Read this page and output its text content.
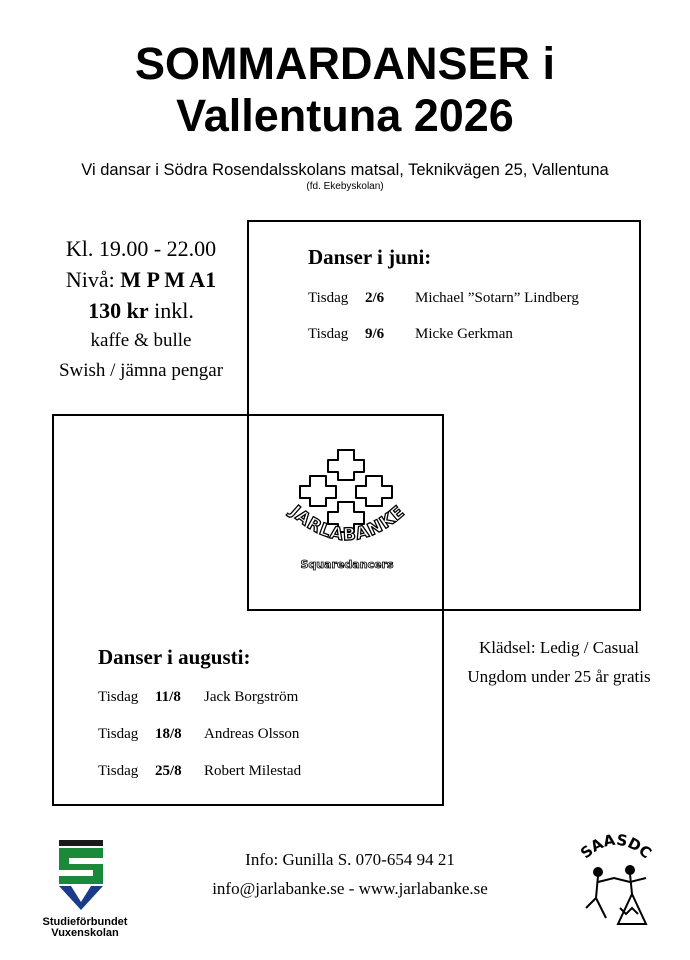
SOMMARDANSER i
Vallentuna 2026
Vi dansar i Södra Rosendalsskolans matsal, Teknikvägen 25, Vallentuna
(fd. Ekebyskolan)
Kl. 19.00 - 22.00
Nivå: M P M A1
130 kr inkl.
kaffe & bulle
Swish / jämna pengar
Danser i juni:
Tisdag 2/6 Michael ”Sotarn” Lindberg
Tisdag 9/6 Micke Gerkman
Danser i augusti:
Tisdag 11/8 Jack Borgström
Tisdag 18/8 Andreas Olsson
Tisdag 25/8 Robert Milestad
JARLABANKE
Squaredancers
Klädsel: Ledig / Casual
Ungdom under 25 år gratis
Info: Gunilla S. 070-654 94 21
info@jarlabanke.se - www.jarlabanke.se
Studieförbundet
Vuxenskolan
SAASDC
